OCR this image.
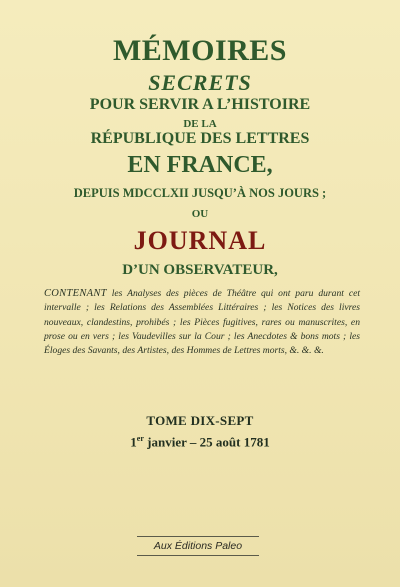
MÉMOIRES
SECRETS
POUR SERVIR A L’HISTOIRE
DE LA
RÉPUBLIQUE DES LETTRES
EN FRANCE,
DEPUIS MDCCLXII JUSQU’À NOS JOURS ;
OU
JOURNAL
D’UN OBSERVATEUR,
CONTENANT les Analyses des pièces de Théâtre qui ont paru durant cet intervalle ; les Relations des Assemblées Littéraires ; les Notices des livres nouveaux, clandestins, prohibés ; les Pièces fugitives, rares ou manuscrites, en prose ou en vers ; les Vaudevilles sur la Cour ; les Anecdotes & bons mots ; les Éloges des Savants, des Artistes, des Hommes de Lettres morts, &. &. &.
TOME DIX-SEPT
1er janvier – 25 août 1781
Aux Éditions Paleo
